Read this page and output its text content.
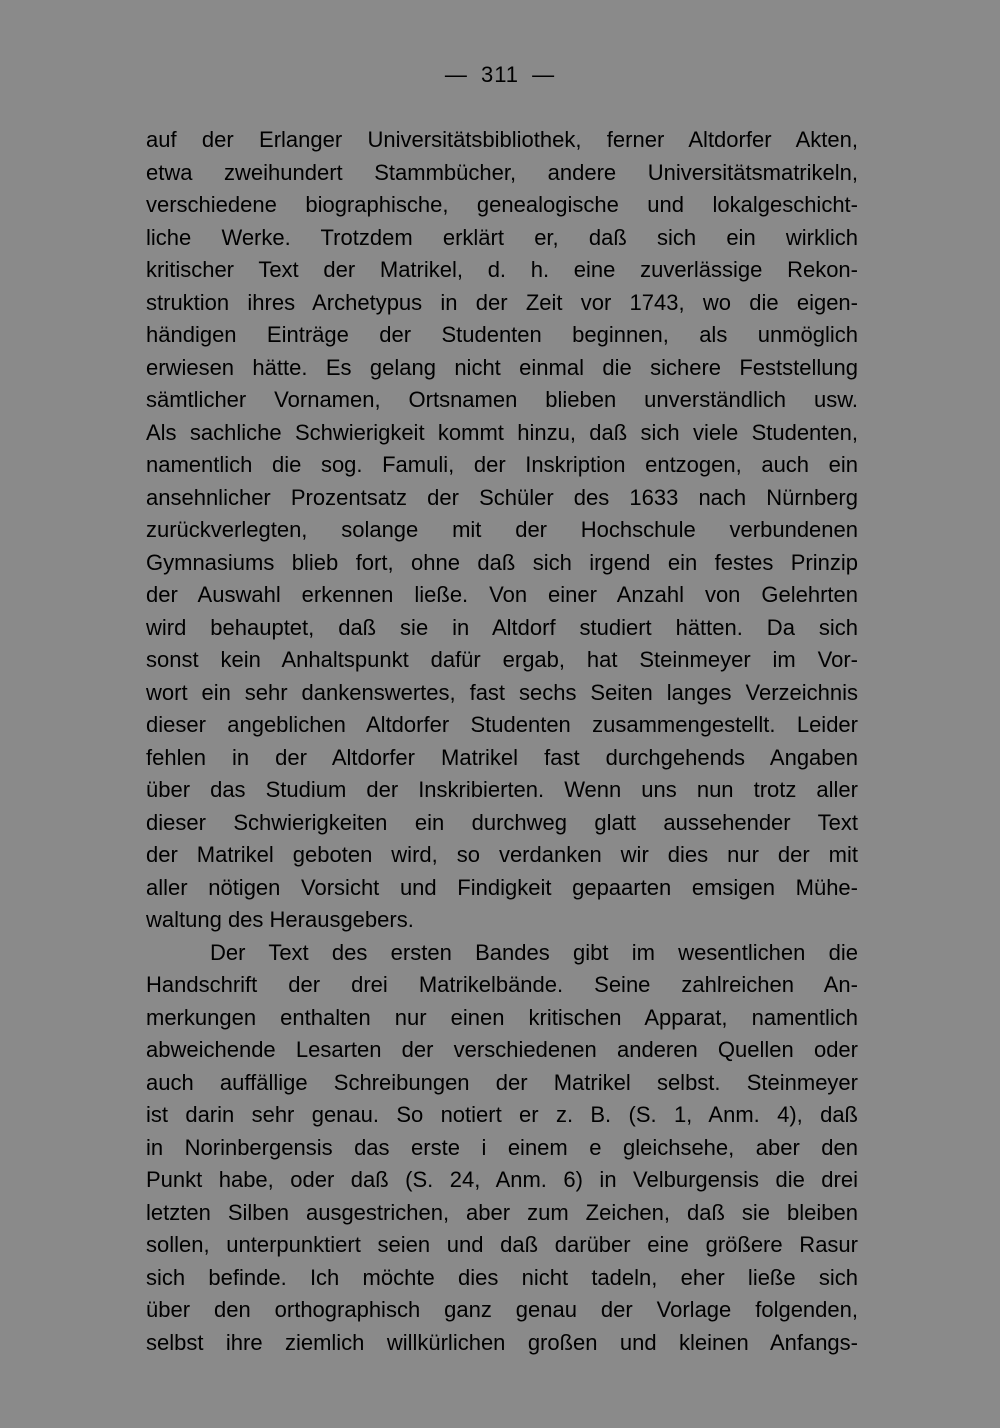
— 311 —
auf der Erlanger Universitätsbibliothek, ferner Altdorfer Akten,
etwa zweihundert Stammbücher, andere Universitätsmatrikeln,
verschiedene biographische, genealogische und lokalgeschicht-
liche Werke. Trotzdem erklärt er, daß sich ein wirklich
kritischer Text der Matrikel, d. h. eine zuverlässige Rekon-
struktion ihres Archetypus in der Zeit vor 1743, wo die eigen-
händigen Einträge der Studenten beginnen, als unmöglich
erwiesen hätte. Es gelang nicht einmal die sichere Feststellung
sämtlicher Vornamen, Ortsnamen blieben unverständlich usw.
Als sachliche Schwierigkeit kommt hinzu, daß sich viele Studenten,
namentlich die sog. Famuli, der Inskription entzogen, auch ein
ansehnlicher Prozentsatz der Schüler des 1633 nach Nürnberg
zurückverlegten, solange mit der Hochschule verbundenen
Gymnasiums blieb fort, ohne daß sich irgend ein festes Prinzip
der Auswahl erkennen ließe. Von einer Anzahl von Gelehrten
wird behauptet, daß sie in Altdorf studiert hätten. Da sich
sonst kein Anhaltspunkt dafür ergab, hat Steinmeyer im Vor-
wort ein sehr dankenswertes, fast sechs Seiten langes Verzeichnis
dieser angeblichen Altdorfer Studenten zusammengestellt. Leider
fehlen in der Altdorfer Matrikel fast durchgehends Angaben
über das Studium der Inskribierten. Wenn uns nun trotz aller
dieser Schwierigkeiten ein durchweg glatt aussehender Text
der Matrikel geboten wird, so verdanken wir dies nur der mit
aller nötigen Vorsicht und Findigkeit gepaarten emsigen Mühe-
waltung des Herausgebers.
Der Text des ersten Bandes gibt im wesentlichen die
Handschrift der drei Matrikelbände. Seine zahlreichen An-
merkungen enthalten nur einen kritischen Apparat, namentlich
abweichende Lesarten der verschiedenen anderen Quellen oder
auch auffällige Schreibungen der Matrikel selbst. Steinmeyer
ist darin sehr genau. So notiert er z. B. (S. 1, Anm. 4), daß
in Norinbergensis das erste i einem e gleichsehe, aber den
Punkt habe, oder daß (S. 24, Anm. 6) in Velburgensis die drei
letzten Silben ausgestrichen, aber zum Zeichen, daß sie bleiben
sollen, unterpunktiert seien und daß darüber eine größere Rasur
sich befinde. Ich möchte dies nicht tadeln, eher ließe sich
über den orthographisch ganz genau der Vorlage folgenden,
selbst ihre ziemlich willkürlichen großen und kleinen Anfangs-
